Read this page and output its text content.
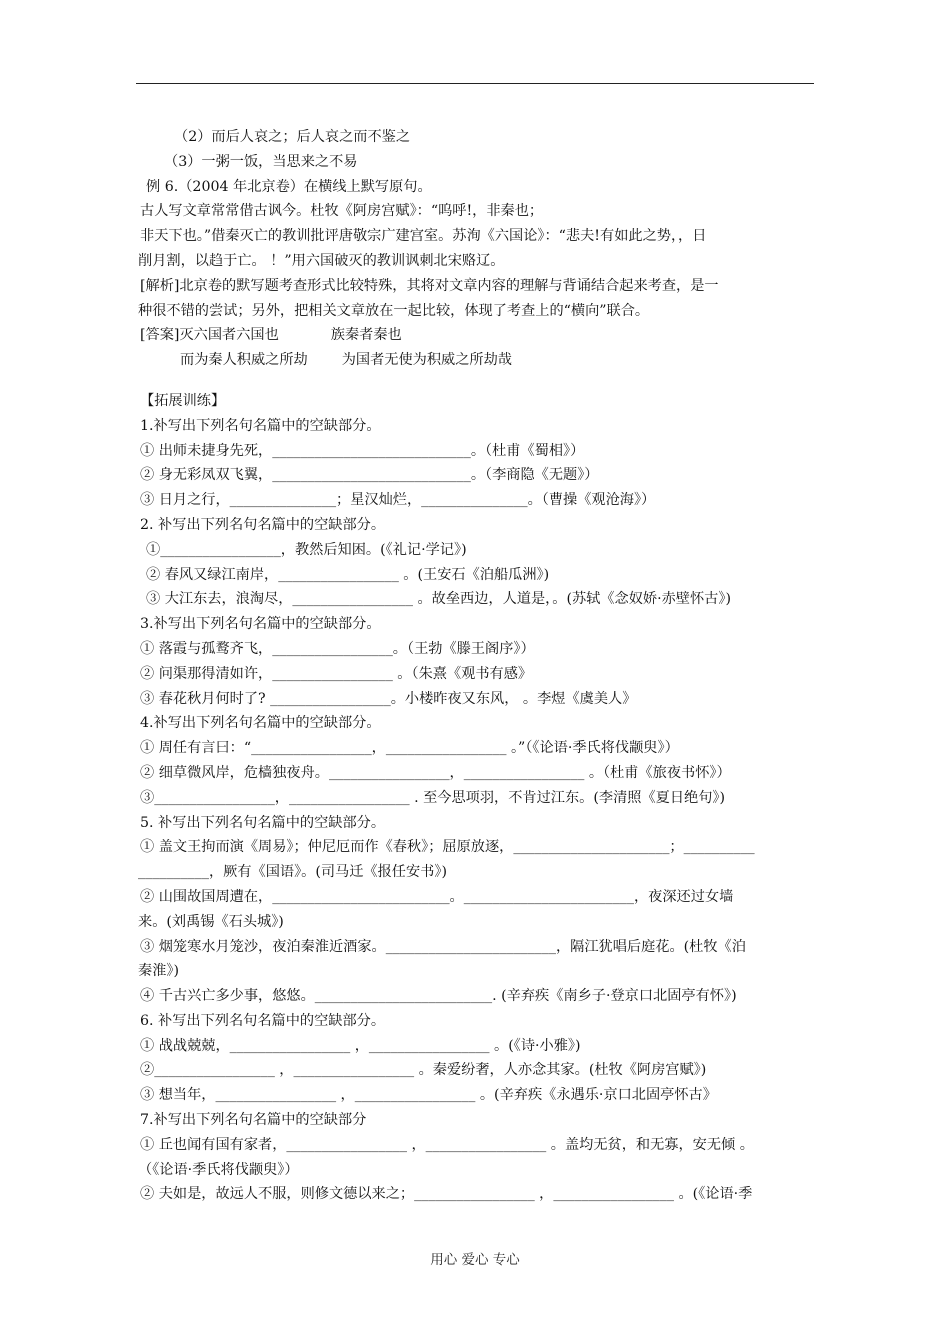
（2）而后人哀之；后人哀之而不鉴之
（3）一粥一饭，当思来之不易
例 6.（2004 年北京卷）在横线上默写原句。
古人写文章常常借古讽今。杜牧《阿房宫赋》：“呜呼!，非秦也；
非天下也。”借秦灭亡的教训批评唐敬宗广建宫室。苏洵《六国论》：“悲夫!有如此之势，，日
削月割，以趋于亡。 ！”用六国破灭的教训讽刺北宋赂辽。
[解析]北京卷的默写题考查形式比较特殊，其将对文章内容的理解与背诵结合起来考查，是一
种很不错的尝试；另外，把相关文章放在一起比较，体现了考查上的“横向”联合。
[答案]灭六国者六国也	族秦者秦也
而为秦人积威之所劫 为国者无使为积威之所劫哉
【拓展训练】
1.补写出下列名句名篇中的空缺部分。
① 出师未捷身先死，____________________________。（杜甫《蜀相》）
② 身无彩凤双飞翼，____________________________。（李商隐《无题》）
③ 日月之行，_______________；星汉灿烂，_______________。（曹操《观沧海》）
2. 补写出下列名句名篇中的空缺部分。
①_________________，教然后知困。(《礼记·学记》)
② 春风又绿江南岸，_________________ 。(王安石《泊船瓜洲》)
③ 大江东去，浪淘尽，_________________ 。故垒西边，人道是，。(苏轼《念奴娇·赤壁怀古》)
3.补写出下列名句名篇中的空缺部分。
① 落霞与孤鹜齐飞，_________________。（王勃《滕王阁序》）
② 问渠那得清如许，_________________ 。（朱熹《观书有感》
③ 春花秋月何时了? _________________。小楼昨夜又东风， 。李煜《虞美人》
4.补写出下列名句名篇中的空缺部分。
① 周任有言曰：“_________________，_________________ 。”（《论语·季氏将伐颛臾》）
② 细草微风岸，危樯独夜舟。_________________，_________________ 。（杜甫《旅夜书怀》）
③_________________，_________________ . 至今思项羽，不肯过江东。(李清照《夏日绝句》)
5. 补写出下列名句名篇中的空缺部分。
① 盖文王拘而演《周易》；仲尼厄而作《春秋》；屈原放逐，______________________；__________
__________，厥有《国语》。(司马迁《报任安书》)
② 山围故国周遭在，_________________________。________________________，夜深还过女墙
来。(刘禹锡《石头城》)
③ 烟笼寒水月笼沙，夜泊秦淮近酒家。________________________，隔江犹唱后庭花。(杜牧《泊
秦淮》)
④ 千古兴亡多少事，悠悠。_________________________. (辛弃疾《南乡子·登京口北固亭有怀》)
6. 补写出下列名句名篇中的空缺部分。
① 战战兢兢，_________________ ，_________________ 。(《诗·小雅》)
②_________________ ，_________________ 。秦爱纷奢，人亦念其家。(杜牧《阿房宫赋》)
③ 想当年，_________________ ，_________________ 。(辛弃疾《永遇乐·京口北固亭怀古》
7.补写出下列名句名篇中的空缺部分
① 丘也闻有国有家者，_________________ ，_________________ 。盖均无贫，和无寡，安无倾 。
（《论语·季氏将伐颛臾》）
② 夫如是，故远人不服，则修文德以来之；_________________ ，_________________ 。(《论语·季
用心 爱心 专心
